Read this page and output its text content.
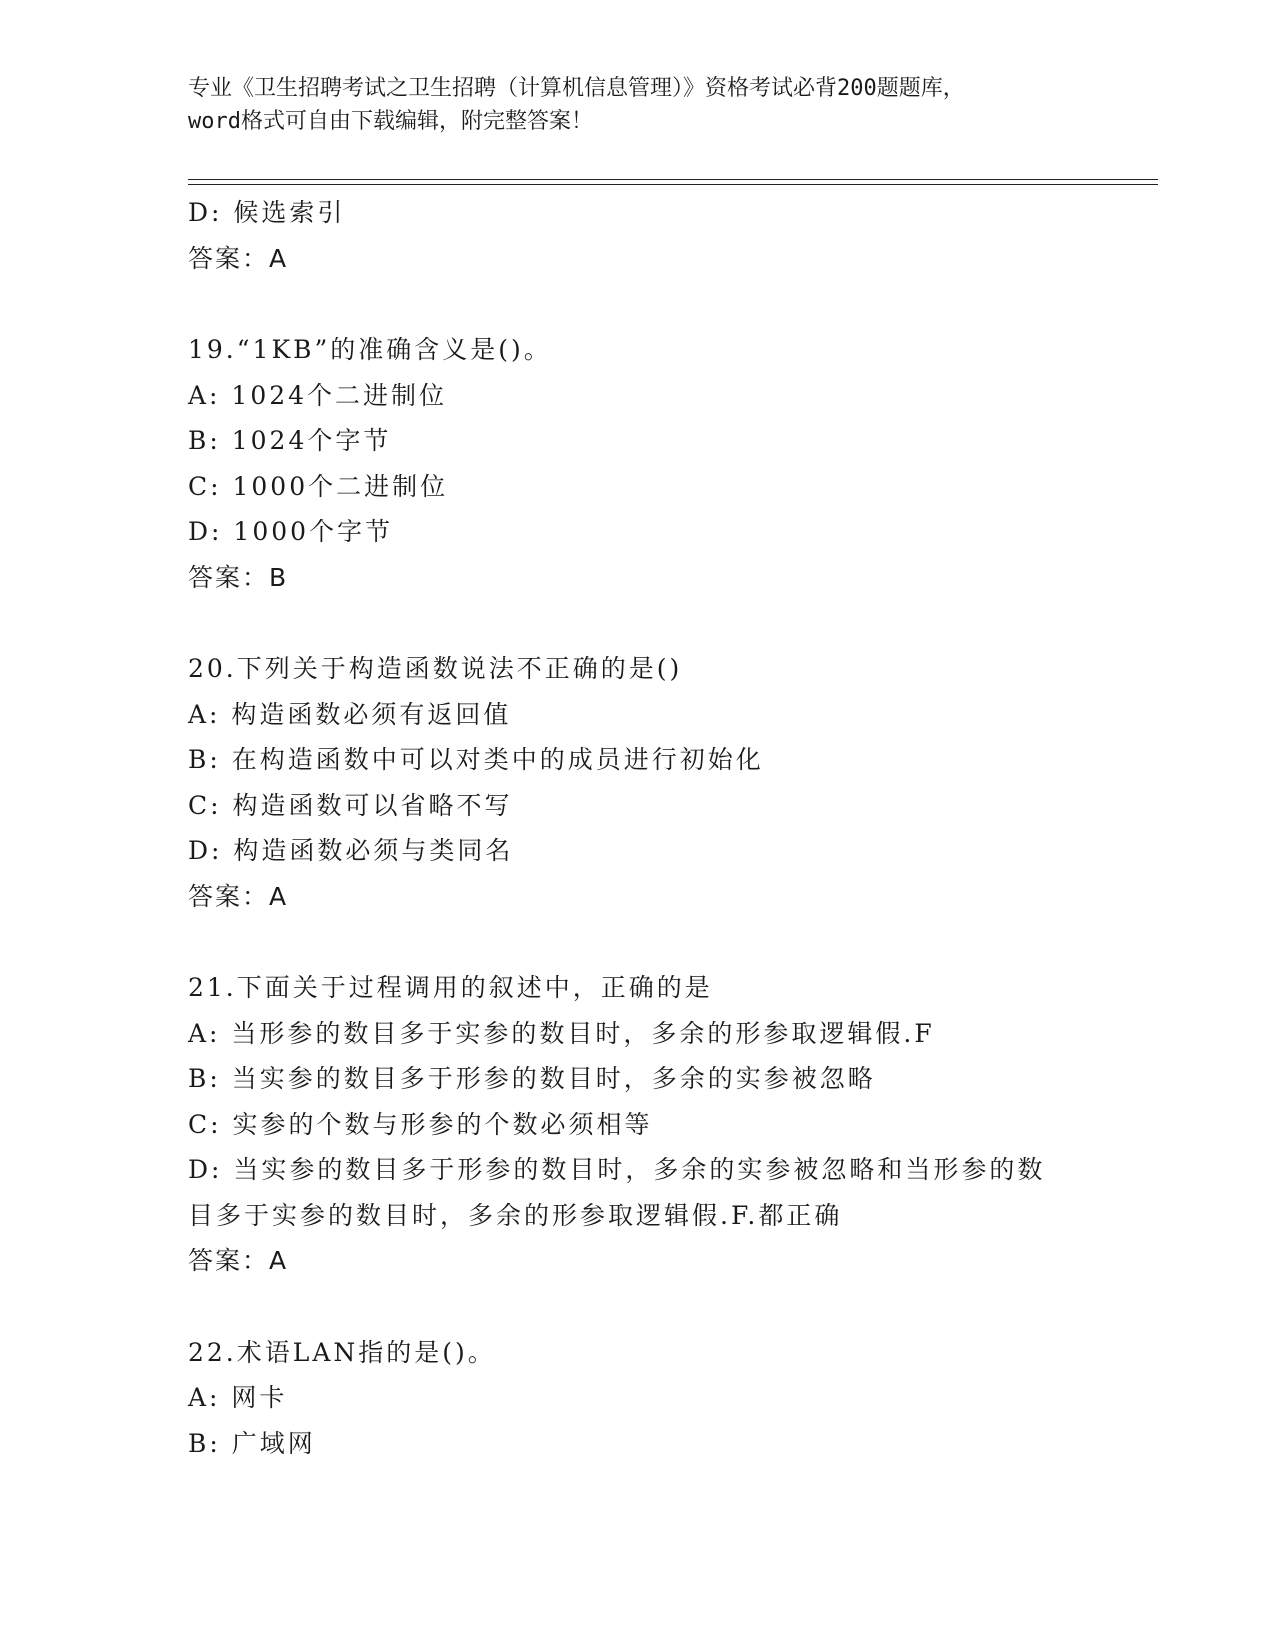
专业《卫生招聘考试之卫生招聘（计算机信息管理）》资格考试必背200题题库，
word格式可自由下载编辑，附完整答案！
D: 候选索引
答案：A
19.“1KB”的准确含义是()。
A: 1024个二进制位
B: 1024个字节
C: 1000个二进制位
D: 1000个字节
答案：B
20.下列关于构造函数说法不正确的是()
A: 构造函数必须有返回值
B: 在构造函数中可以对类中的成员进行初始化
C: 构造函数可以省略不写
D: 构造函数必须与类同名
答案：A
21.下面关于过程调用的叙述中，正确的是
A: 当形参的数目多于实参的数目时，多余的形参取逻辑假.F
B: 当实参的数目多于形参的数目时，多余的实参被忽略
C: 实参的个数与形参的个数必须相等
D: 当实参的数目多于形参的数目时，多余的实参被忽略和当形参的数
目多于实参的数目时，多余的形参取逻辑假.F.都正确
答案：A
22.术语LAN指的是()。
A: 网卡
B: 广域网
